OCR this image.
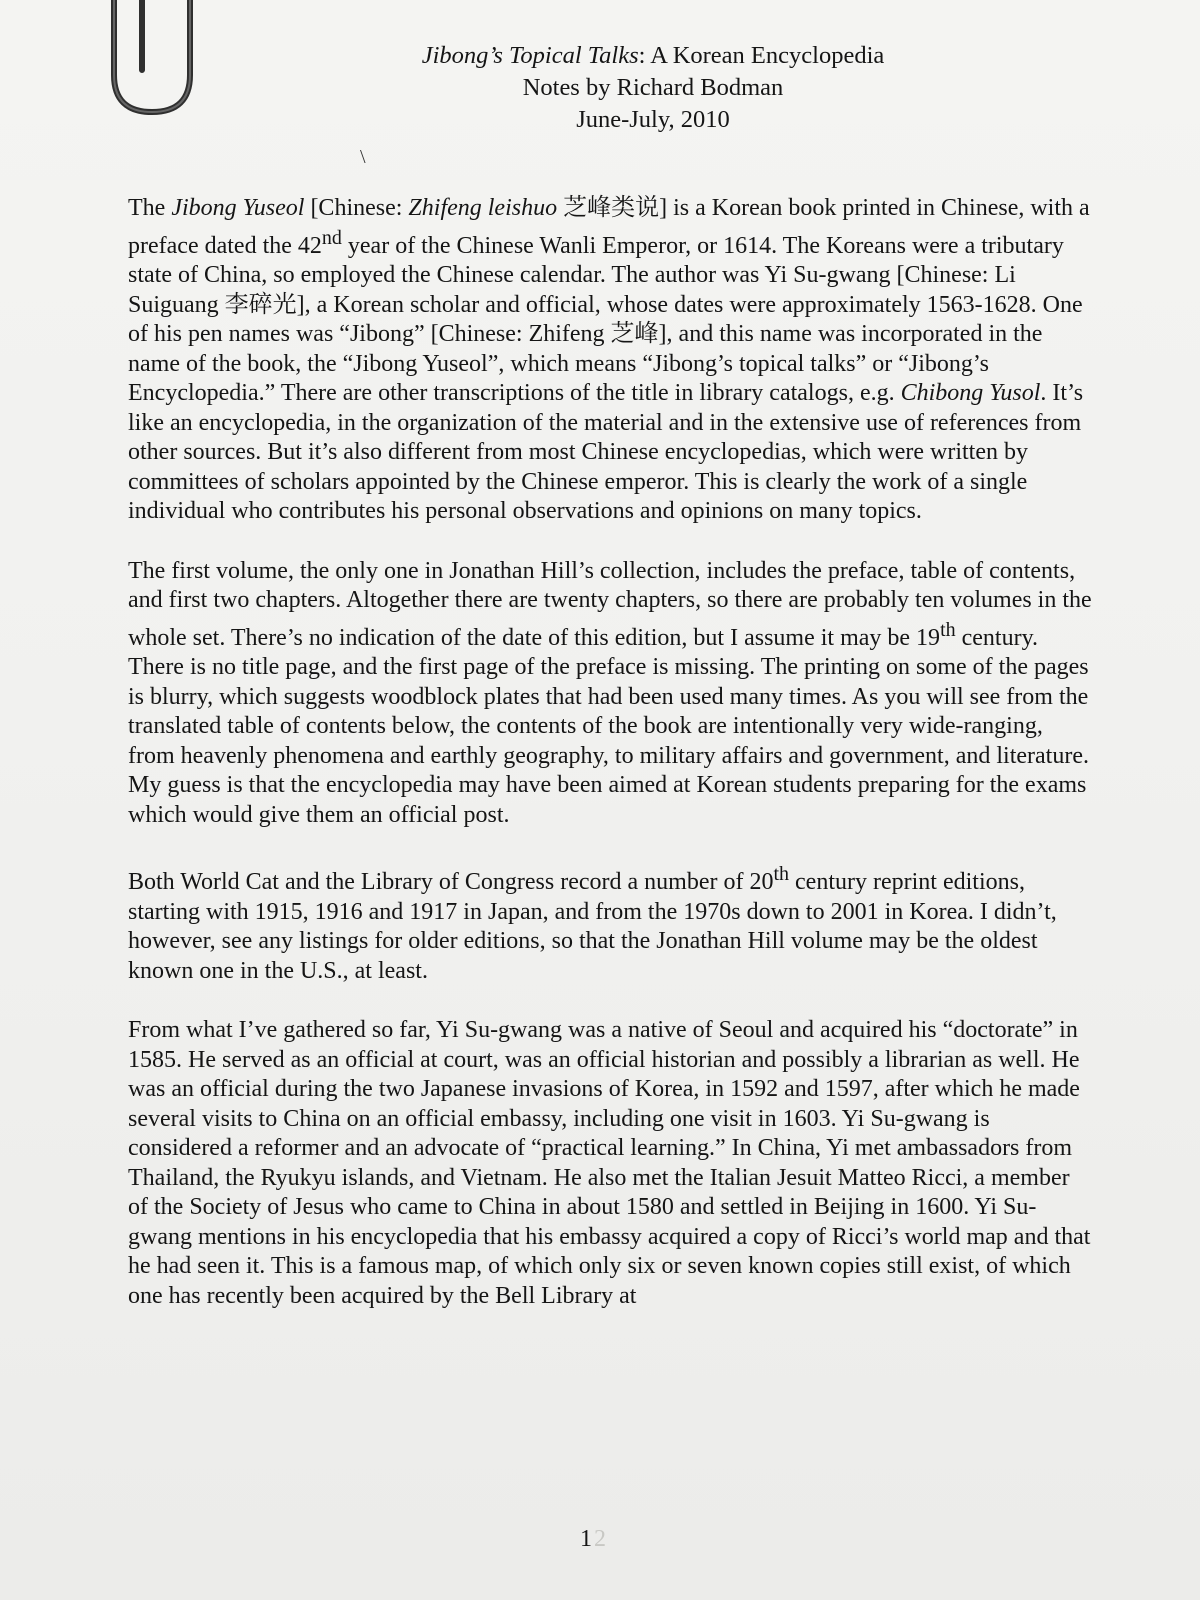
\
Jibong’s Topical Talks: A Korean Encyclopedia
Notes by Richard Bodman
June-July, 2010

The Jibong Yuseol [Chinese: Zhifeng leishuo 芝峰类说] is a Korean book printed in Chinese, with a preface dated the 42nd year of the Chinese Wanli Emperor, or 1614. The Koreans were a tributary state of China, so employed the Chinese calendar. The author was Yi Su-gwang [Chinese: Li Suiguang 李碎光], a Korean scholar and official, whose dates were approximately 1563-1628. One of his pen names was “Jibong” [Chinese: Zhifeng 芝峰], and this name was incorporated in the name of the book, the “Jibong Yuseol”, which means “Jibong’s topical talks” or “Jibong’s Encyclopedia.” There are other transcriptions of the title in library catalogs, e.g. Chibong Yusol. It’s like an encyclopedia, in the organization of the material and in the extensive use of references from other sources. But it’s also different from most Chinese encyclopedias, which were written by committees of scholars appointed by the Chinese emperor. This is clearly the work of a single individual who contributes his personal observations and opinions on many topics.

The first volume, the only one in Jonathan Hill’s collection, includes the preface, table of contents, and first two chapters. Altogether there are twenty chapters, so there are probably ten volumes in the whole set. There’s no indication of the date of this edition, but I assume it may be 19th century. There is no title page, and the first page of the preface is missing. The printing on some of the pages is blurry, which suggests woodblock plates that had been used many times. As you will see from the translated table of contents below, the contents of the book are intentionally very wide-ranging, from heavenly phenomena and earthly geography, to military affairs and government, and literature. My guess is that the encyclopedia may have been aimed at Korean students preparing for the exams which would give them an official post.

Both World Cat and the Library of Congress record a number of 20th century reprint editions, starting with 1915, 1916 and 1917 in Japan, and from the 1970s down to 2001 in Korea. I didn’t, however, see any listings for older editions, so that the Jonathan Hill volume may be the oldest known one in the U.S., at least.

From what I’ve gathered so far, Yi Su-gwang was a native of Seoul and acquired his “doctorate” in 1585. He served as an official at court, was an official historian and possibly a librarian as well. He was an official during the two Japanese invasions of Korea, in 1592 and 1597, after which he made several visits to China on an official embassy, including one visit in 1603. Yi Su-gwang is considered a reformer and an advocate of “practical learning.” In China, Yi met ambassadors from Thailand, the Ryukyu islands, and Vietnam. He also met the Italian Jesuit Matteo Ricci, a member of the Society of Jesus who came to China in about 1580 and settled in Beijing in 1600. Yi Su-gwang mentions in his encyclopedia that his embassy acquired a copy of Ricci’s world map and that he had seen it. This is a famous map, of which only six or seven known copies still exist, of which one has recently been acquired by the Bell Library at

12
